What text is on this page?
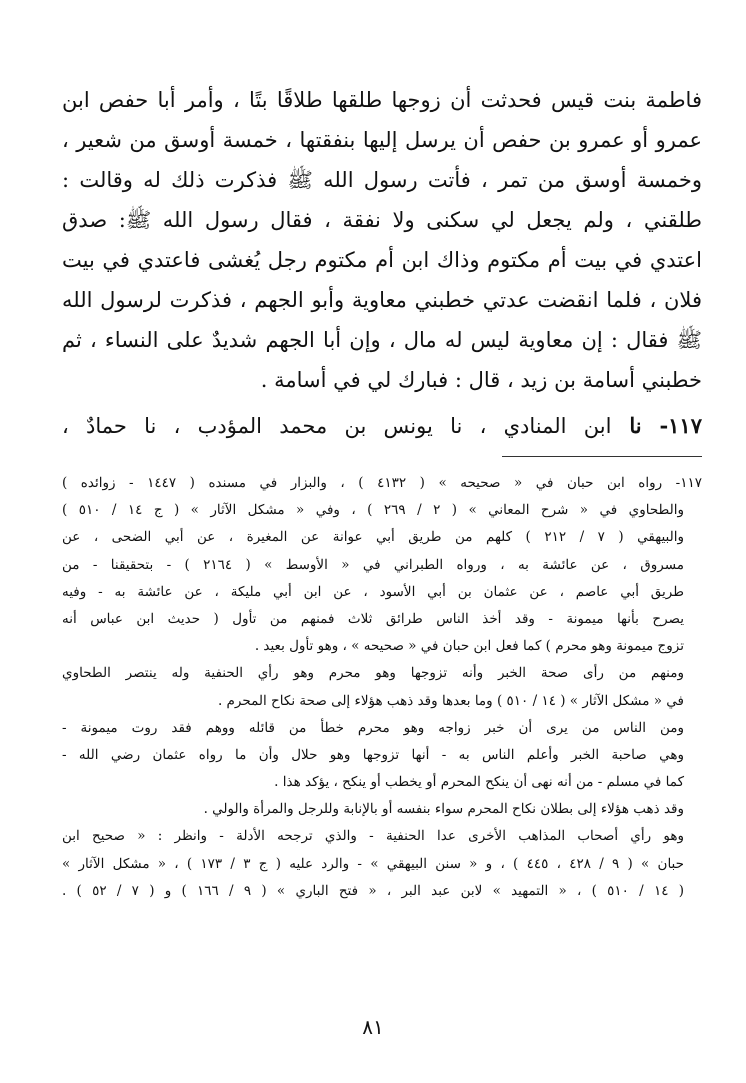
فاطمة بنت قيس فحدثت أن زوجها طلقها طلاقًا بتًا ، وأمر أبا حفص ابن
عمرو أو عمرو بن حفص أن يرسل إليها بنفقتها ، خمسة أوسق من شعير ،
وخمسة أوسق من تمر ، فأتت رسول الله ﷺ فذكرت ذلك له وقالت :
طلقني ، ولم يجعل لي سكنى ولا نفقة ، فقال رسول الله ﷺ: صدق
اعتدي في بيت أم مكتوم وذاك ابن أم مكتوم رجل يُغشى فاعتدي في بيت
فلان ، فلما انقضت عدتي خطبني معاوية وأبو الجهم ، فذكرت لرسول الله
ﷺ فقال : إن معاوية ليس له مال ، وإن أبا الجهم شديدٌ على النساء ، ثم
خطبني أسامة بن زيد ، قال : فبارك لي في أسامة .
١١٧- نا ابن المنادي ، نا يونس بن محمد المؤدب ، نا حمادٌ ،
١١٧- رواه ابن حبان في « صحيحه » ( ٤١٣٢ ) ، والبزار في مسنده ( ١٤٤٧ - زوائده )
والطحاوي في « شرح المعاني » ( ٢ / ٢٦٩ ) ، وفي « مشكل الآثار » ( ج ١٤ / ٥١٠ )
والبيهقي ( ٧ / ٢١٢ ) كلهم من طريق أبي عوانة عن المغيرة ، عن أبي الضحى ، عن
مسروق ، عن عائشة به ، ورواه الطبراني في « الأوسط » ( ٢١٦٤ ) - بتحقيقنا - من
طريق أبي عاصم ، عن عثمان بن أبي الأسود ، عن ابن أبي مليكة ، عن عائشة به - وفيه
يصرح بأنها ميمونة - وقد أخذ الناس طرائق ثلاث فمنهم من تأول ( حديث ابن عباس أنه
تزوج ميمونة وهو محرم ) كما فعل ابن حبان في « صحيحه » ، وهو تأول بعيد .
ومنهم من رأى صحة الخبر وأنه تزوجها وهو محرم وهو رأي الحنفية وله ينتصر الطحاوي
في « مشكل الآثار » ( ١٤ / ٥١٠ ) وما بعدها وقد ذهب هؤلاء إلى صحة نكاح المحرم .
ومن الناس من يرى أن خبر زواجه وهو محرم خطأ من قائله ووهم فقد روت ميمونة -
وهي صاحبة الخبر وأعلم الناس به - أنها تزوجها وهو حلال وأن ما رواه عثمان رضي الله -
كما في مسلم - من أنه نهى أن ينكح المحرم أو يخطب أو ينكح ، يؤكد هذا .
وقد ذهب هؤلاء إلى بطلان نكاح المحرم سواء بنفسه أو بالإنابة وللرجل والمرأة والولي .
وهو رأي أصحاب المذاهب الأخرى عدا الحنفية - والذي ترجحه الأدلة - وانظر : « صحيح ابن
حبان » ( ٩ / ٤٢٨ ، ٤٤٥ ) ، و « سنن البيهقي » - والرد عليه ( ج ٣ / ١٧٣ ) ، « مشكل الآثار »
( ١٤ / ٥١٠ ) ، « التمهيد » لابن عبد البر ، « فتح الباري » ( ٩ / ١٦٦ ) و ( ٧ / ٥٢ ) .
٨١
